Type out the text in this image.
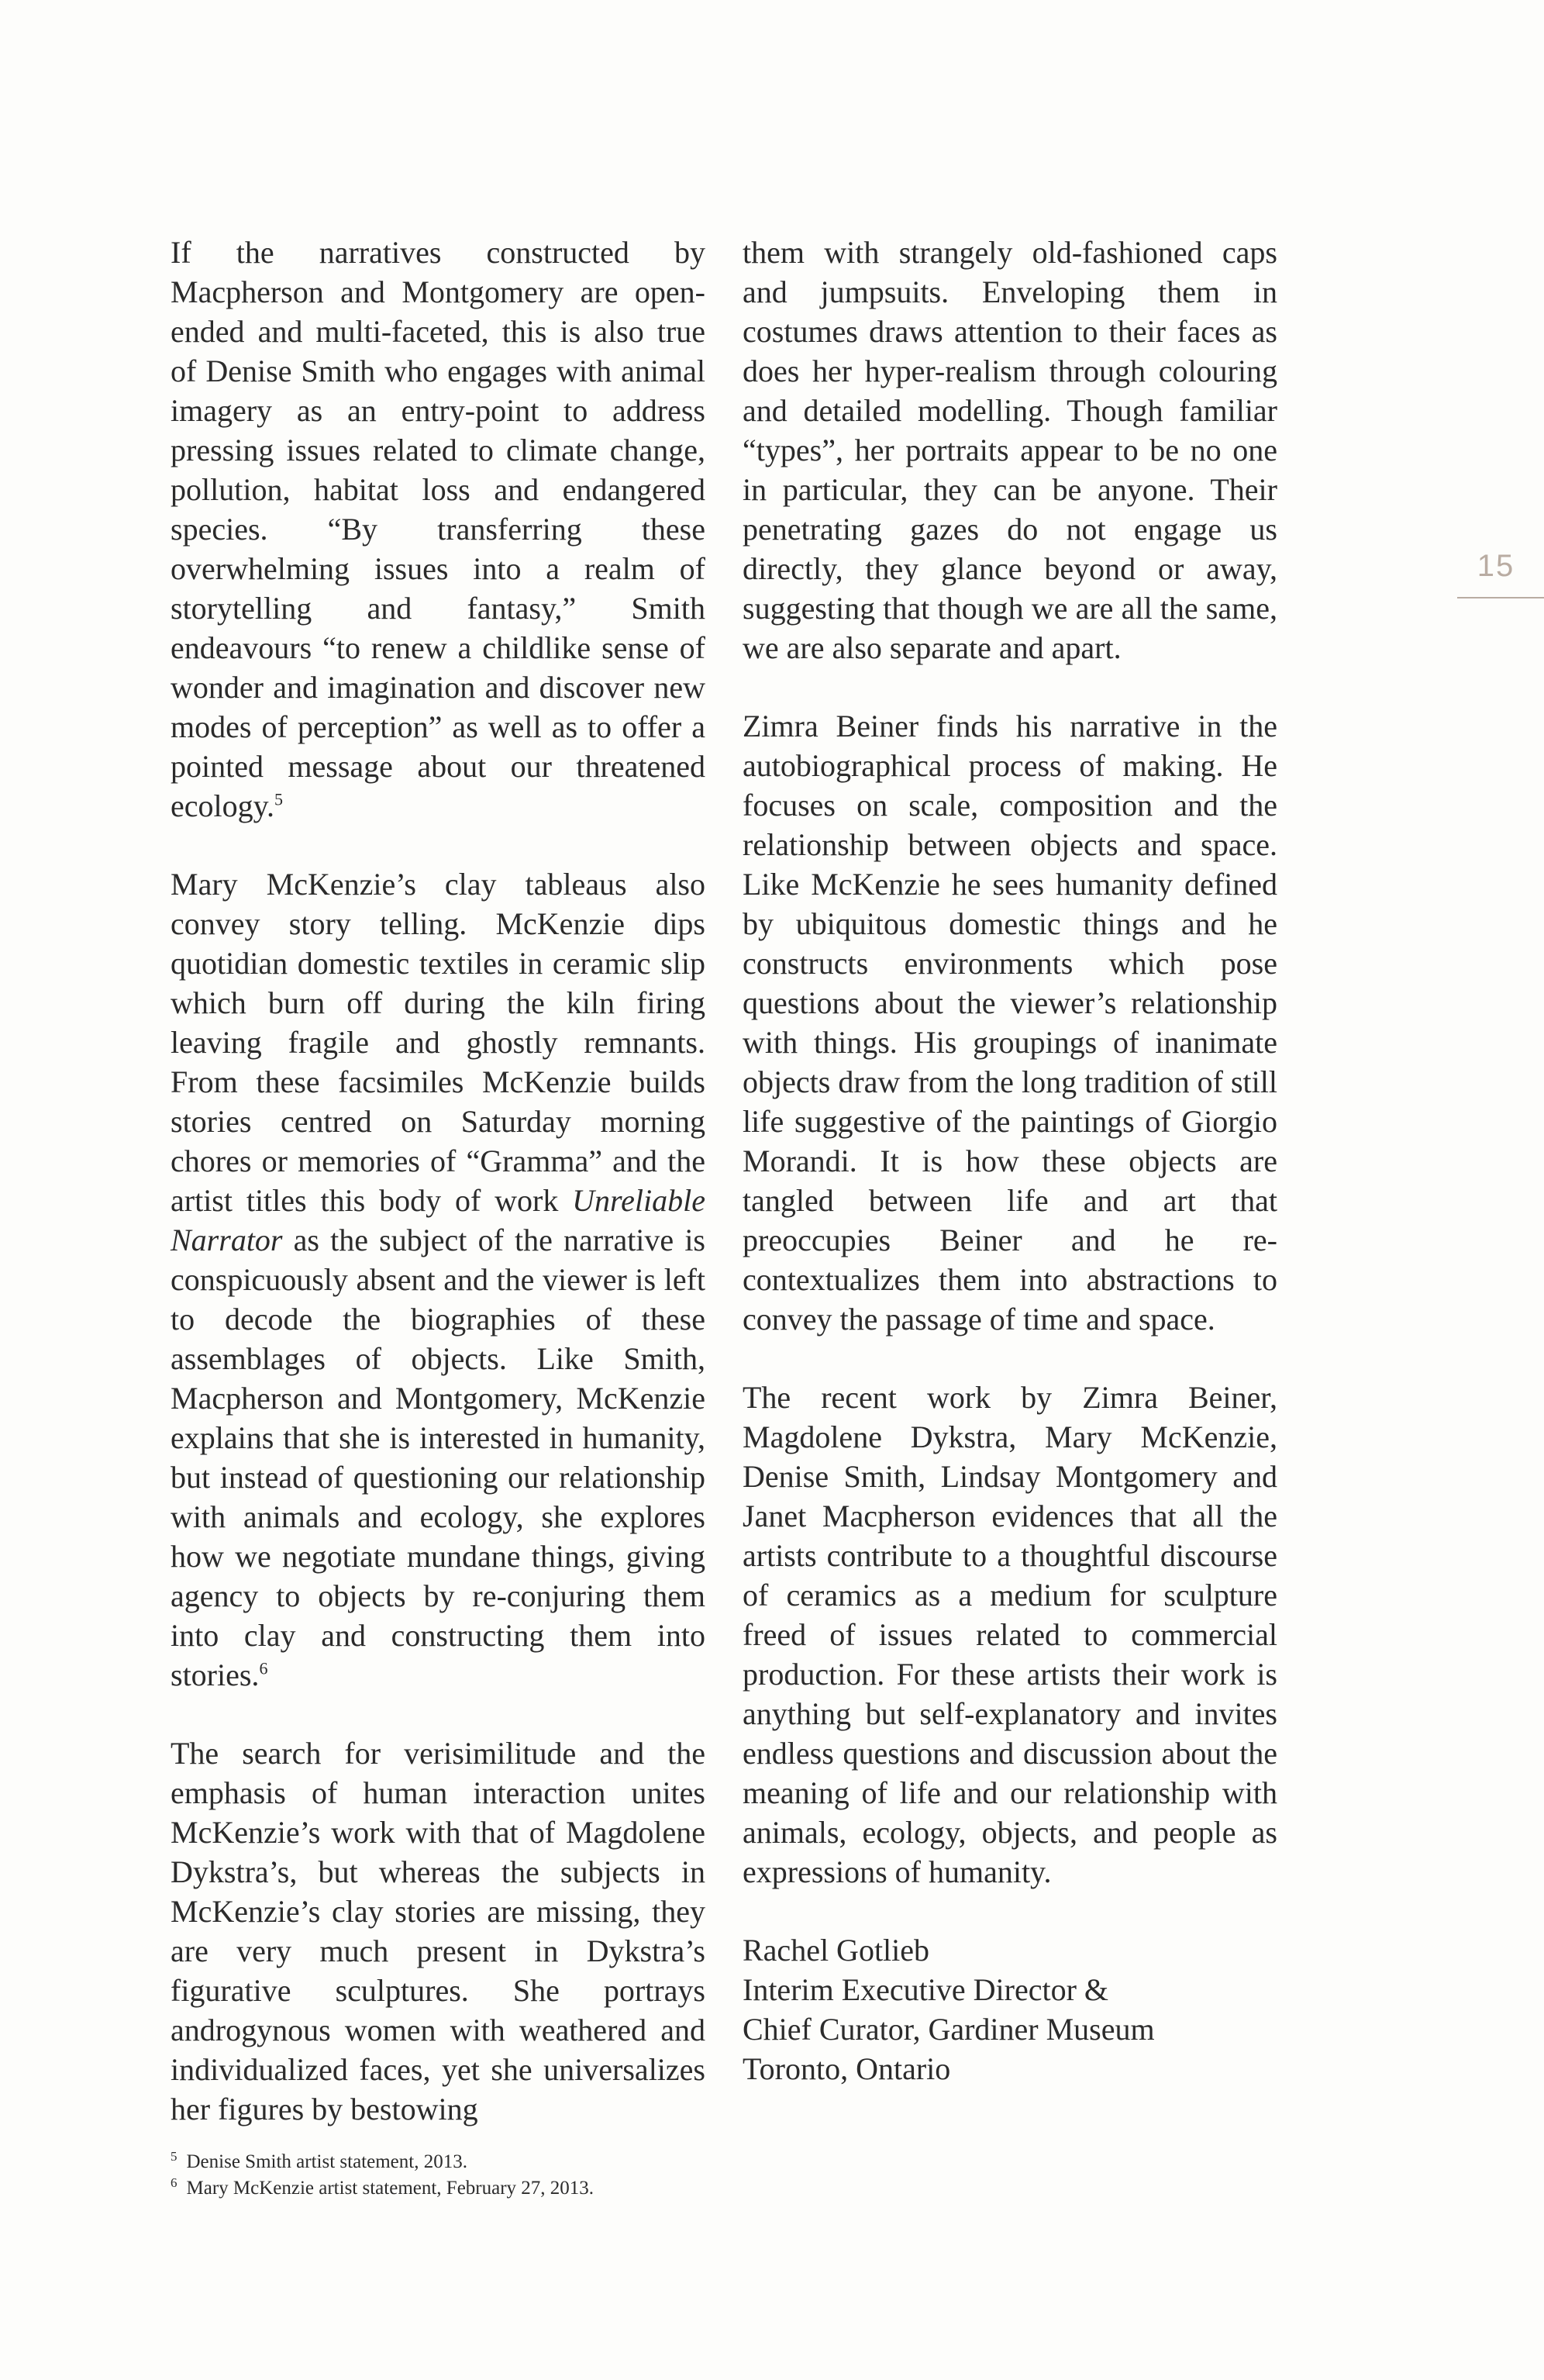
If the narratives constructed by Macpherson and Montgomery are open-ended and multi-faceted, this is also true of Denise Smith who engages with animal imagery as an entry-point to address pressing issues related to climate change, pollution, habitat loss and endangered species. “By transferring these overwhelming issues into a realm of storytelling and fantasy,” Smith endeavours “to renew a childlike sense of wonder and imagination and discover new modes of perception” as well as to offer a pointed message about our threatened ecology.$^5$

Mary McKenzie’s clay tableaus also convey story telling. McKenzie dips quotidian domestic textiles in ceramic slip which burn off during the kiln firing leaving fragile and ghostly remnants. From these facsimiles McKenzie builds stories centred on Saturday morning chores or memories of “Gramma” and the artist titles this body of work Unreliable Narrator as the subject of the narrative is conspicuously absent and the viewer is left to decode the biographies of these assemblages of objects. Like Smith, Macpherson and Montgomery, McKenzie explains that she is interested in humanity, but instead of questioning our relationship with animals and ecology, she explores how we negotiate mundane things, giving agency to objects by re-conjuring them into clay and constructing them into stories.$^6$

The search for verisimilitude and the emphasis of human interaction unites McKenzie’s work with that of Magdolene Dykstra’s, but whereas the subjects in McKenzie’s clay stories are missing, they are very much present in Dykstra’s figurative sculptures. She portrays androgynous women with weathered and individualized faces, yet she universalizes her figures by bestowing

them with strangely old-fashioned caps and jumpsuits. Enveloping them in costumes draws attention to their faces as does her hyper-realism through colouring and detailed modelling. Though familiar “types”, her portraits appear to be no one in particular, they can be anyone. Their penetrating gazes do not engage us directly, they glance beyond or away, suggesting that though we are all the same, we are also separate and apart.

Zimra Beiner finds his narrative in the autobiographical process of making. He focuses on scale, composition and the relationship between objects and space. Like McKenzie he sees humanity defined by ubiquitous domestic things and he constructs environments which pose questions about the viewer’s relationship with things. His groupings of inanimate objects draw from the long tradition of still life suggestive of the paintings of Giorgio Morandi. It is how these objects are tangled between life and art that preoccupies Beiner and he re-contextualizes them into abstractions to convey the passage of time and space.

The recent work by Zimra Beiner, Magdolene Dykstra, Mary McKenzie, Denise Smith, Lindsay Montgomery and Janet Macpherson evidences that all the artists contribute to a thoughtful discourse of ceramics as a medium for sculpture freed of issues related to commercial production. For these artists their work is anything but self-explanatory and invites endless questions and discussion about the meaning of life and our relationship with animals, ecology, objects, and people as expressions of humanity.

Rachel Gotlieb
Interim Executive Director &
Chief Curator, Gardiner Museum
Toronto, Ontario
15
$^5$ Denise Smith artist statement, 2013.
$^6$ Mary McKenzie artist statement, February 27, 2013.
